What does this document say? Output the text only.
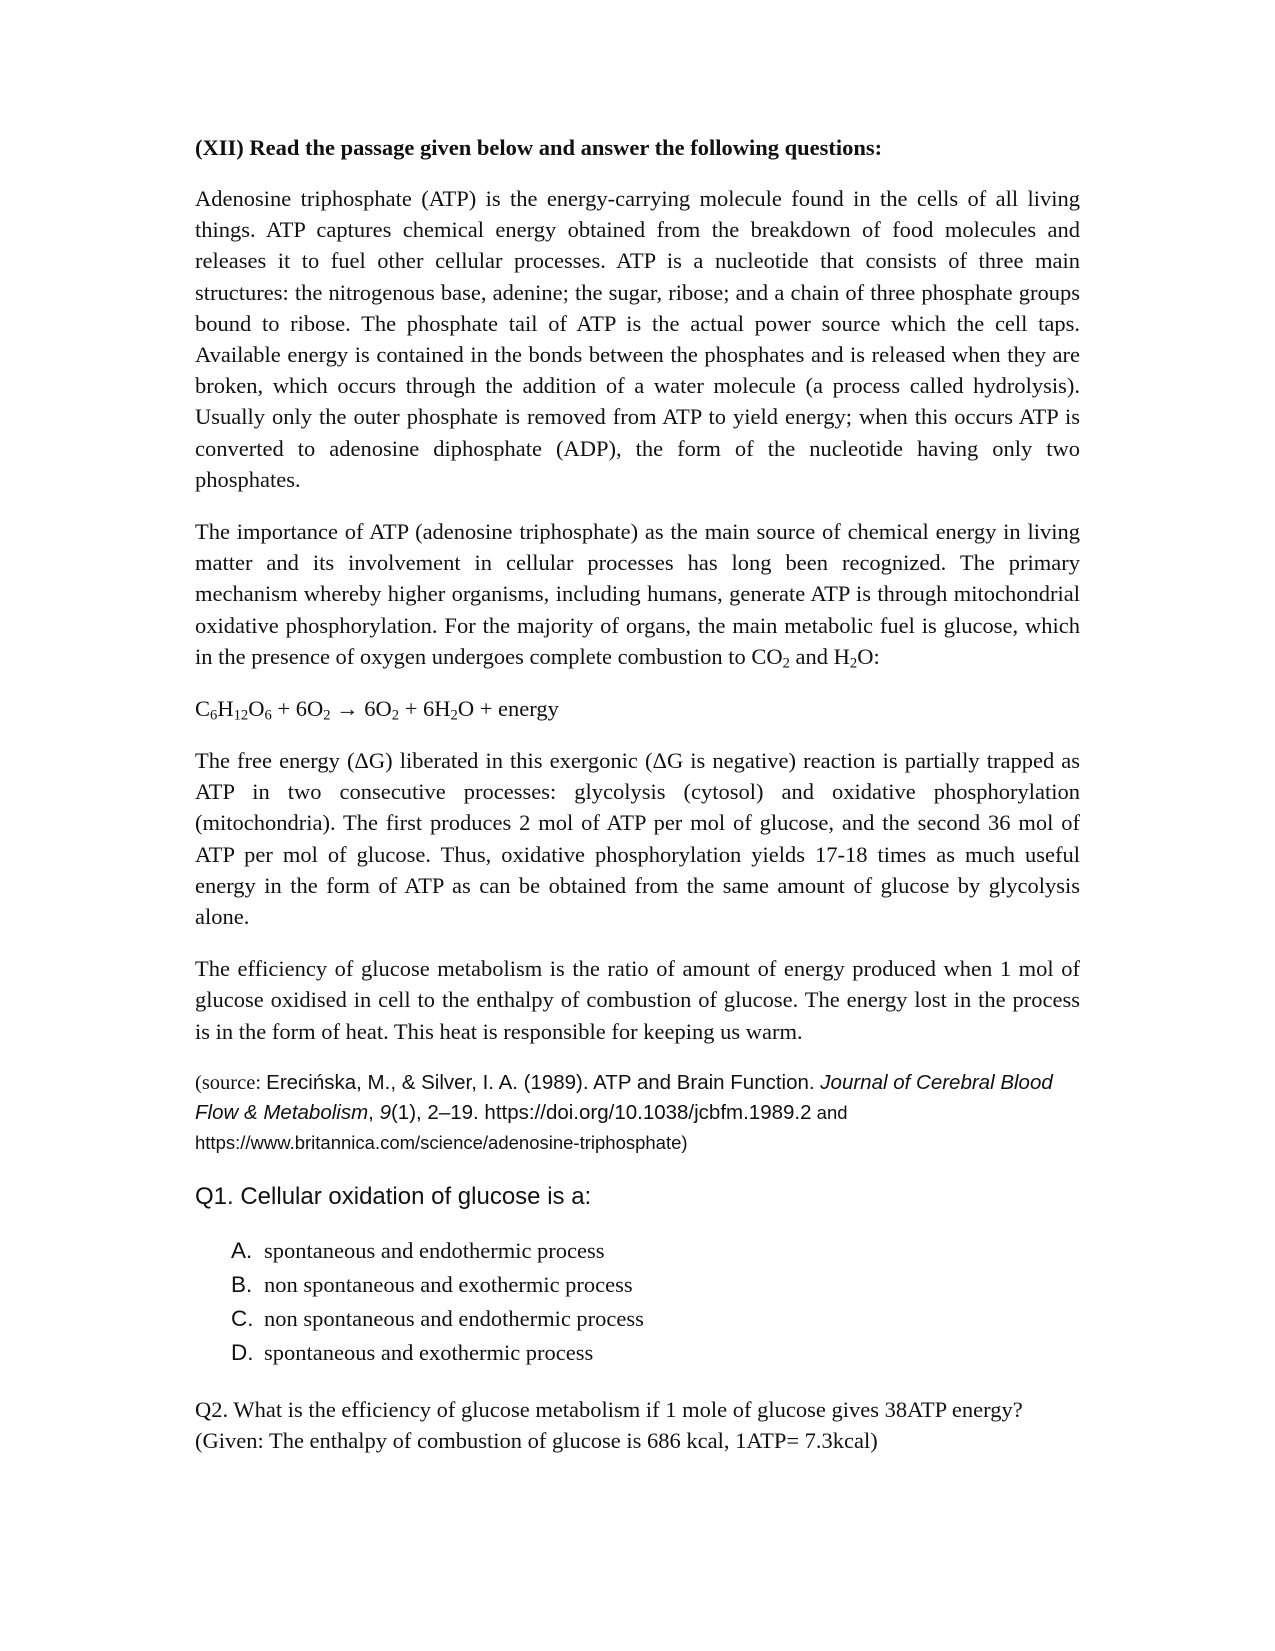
(XII) Read the passage given below and answer the following questions:

Adenosine triphosphate (ATP) is the energy-carrying molecule found in the cells of all living things. ATP captures chemical energy obtained from the breakdown of food molecules and releases it to fuel other cellular processes. ATP is a nucleotide that consists of three main structures: the nitrogenous base, adenine; the sugar, ribose; and a chain of three phosphate groups bound to ribose. The phosphate tail of ATP is the actual power source which the cell taps. Available energy is contained in the bonds between the phosphates and is released when they are broken, which occurs through the addition of a water molecule (a process called hydrolysis). Usually only the outer phosphate is removed from ATP to yield energy; when this occurs ATP is converted to adenosine diphosphate (ADP), the form of the nucleotide having only two phosphates.

The importance of ATP (adenosine triphosphate) as the main source of chemical energy in living matter and its involvement in cellular processes has long been recognized. The primary mechanism whereby higher organisms, including humans, generate ATP is through mitochondrial oxidative phosphorylation. For the majority of organs, the main metabolic fuel is glucose, which in the presence of oxygen undergoes complete combustion to $CO_2$ and $H_2O$:

$C_6H_{12}O_6 + 6O_2 \to 6O_2 + 6H_2O$ + energy

The free energy (ΔG) liberated in this exergonic (ΔG is negative) reaction is partially trapped as ATP in two consecutive processes: glycolysis (cytosol) and oxidative phosphorylation (mitochondria). The first produces 2 mol of ATP per mol of glucose, and the second 36 mol of ATP per mol of glucose. Thus, oxidative phosphorylation yields 17-18 times as much useful energy in the form of ATP as can be obtained from the same amount of glucose by glycolysis alone.

The efficiency of glucose metabolism is the ratio of amount of energy produced when 1 mol of glucose oxidised in cell to the enthalpy of combustion of glucose. The energy lost in the process is in the form of heat. This heat is responsible for keeping us warm.

(source: Erecińska, M., & Silver, I. A. (1989). ATP and Brain Function. Journal of Cerebral Blood Flow & Metabolism, 9(1), 2–19. https://doi.org/10.1038/jcbfm.1989.2 and
https://www.britannica.com/science/adenosine-triphosphate)
Q1. Cellular oxidation of glucose is a:
A. spontaneous and endothermic process
B. non spontaneous and exothermic process
C. non spontaneous and endothermic process
D. spontaneous and exothermic process

Q2. What is the efficiency of glucose metabolism if 1 mole of glucose gives 38ATP energy?(Given: The enthalpy of combustion of glucose is 686 kcal, 1ATP= 7.3kcal)
